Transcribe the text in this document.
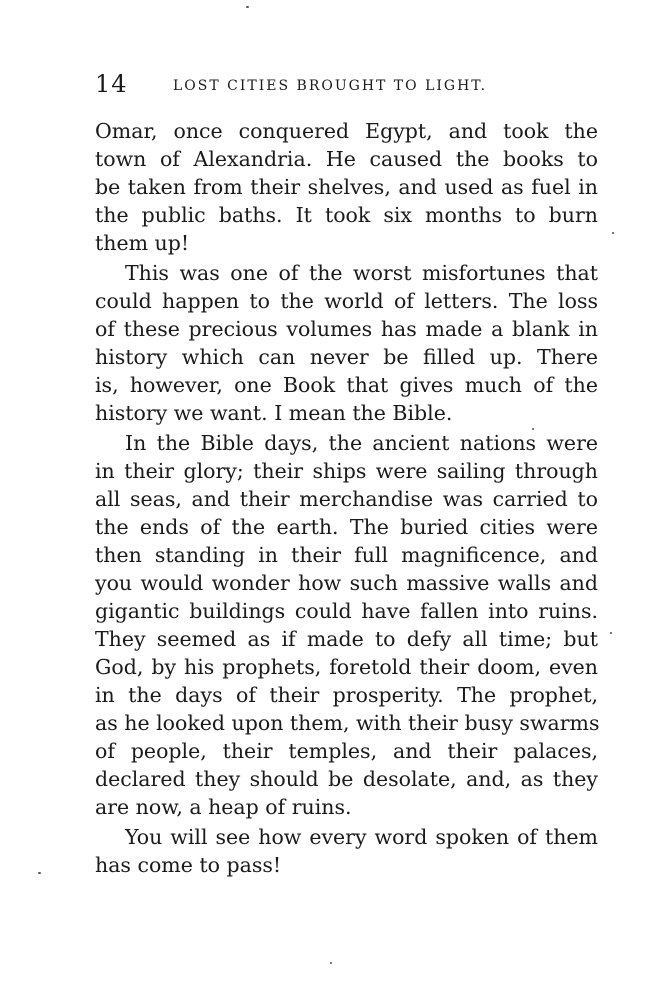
14	LOST CITIES BROUGHT TO LIGHT.
Omar, once conquered Egypt, and took the
town of Alexandria. He caused the books to
be taken from their shelves, and used as fuel in
the public baths. It took six months to burn
them up!
This was one of the worst misfortunes that
could happen to the world of letters. The loss
of these precious volumes has made a blank in
history which can never be filled up. There
is, however, one Book that gives much of the
history we want. I mean the Bible.
In the Bible days, the ancient nations were
in their glory; their ships were sailing through
all seas, and their merchandise was carried to
the ends of the earth. The buried cities were
then standing in their full magnificence, and
you would wonder how such massive walls and
gigantic buildings could have fallen into ruins.
They seemed as if made to defy all time; but
God, by his prophets, foretold their doom, even
in the days of their prosperity. The prophet,
as he looked upon them, with their busy swarms
of people, their temples, and their palaces,
declared they should be desolate, and, as they
are now, a heap of ruins.
You will see how every word spoken of them
has come to pass!
